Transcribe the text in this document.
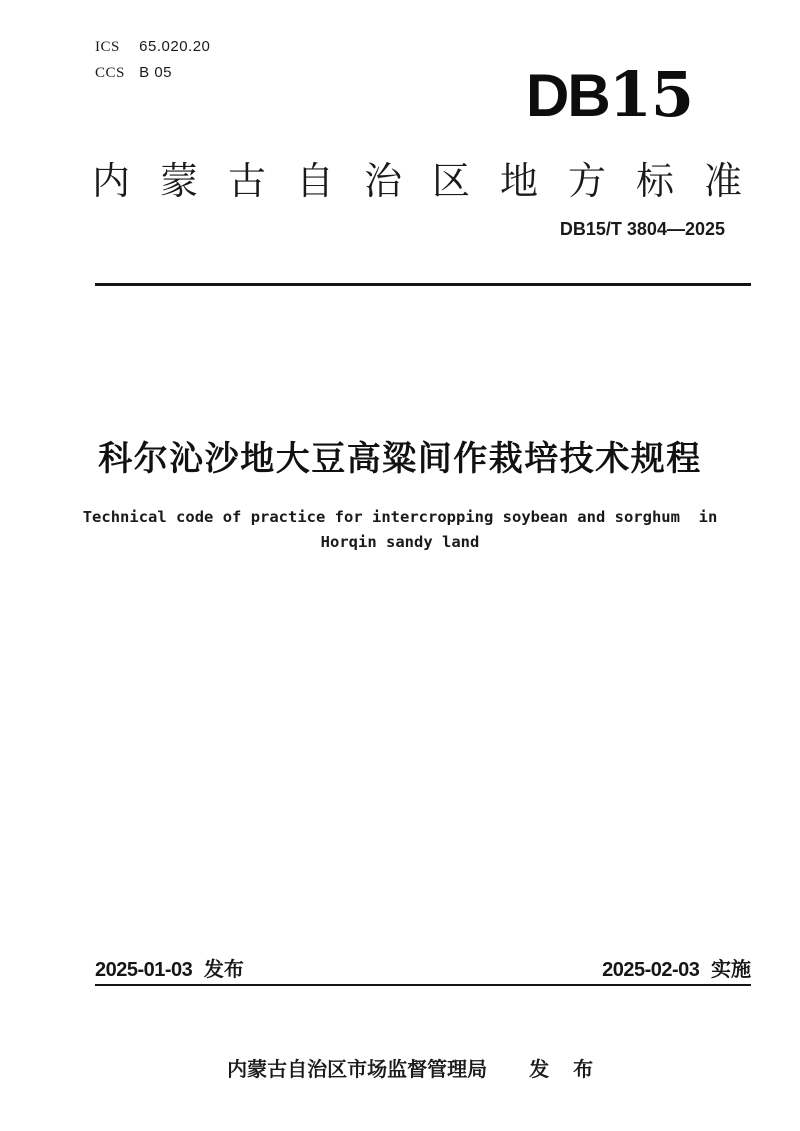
ICS 65.020.20
CCS B 05	DB15
内蒙古自治区地方标准
DB15/T 3804—2025
科尔沁沙地大豆高粱间作栽培技术规程
Technical code of practice for intercropping soybean and sorghum  in
Horqin sandy land
2025-01-03 发布	2025-02-03 实施

内蒙古自治区市场监督管理局 发　布
